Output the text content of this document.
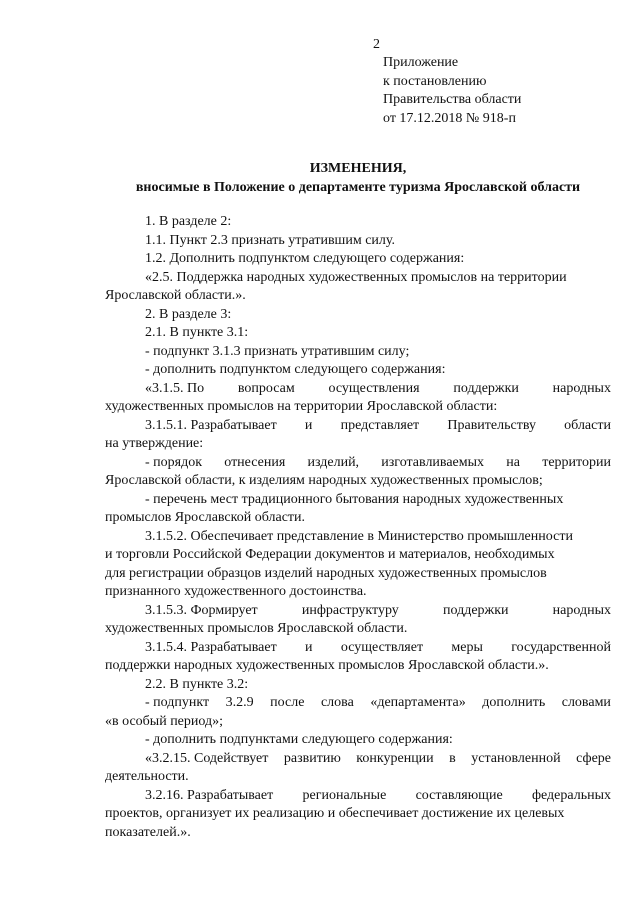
2
Приложение
к постановлению
Правительства области
от 17.12.2018 № 918-п
ИЗМЕНЕНИЯ,
вносимые в Положение о департаменте туризма Ярославской области
1. В разделе 2:
1.1. Пункт 2.3 признать утратившим силу.
1.2. Дополнить подпунктом следующего содержания:
«2.5. Поддержка народных художественных промыслов на территории
Ярославской области.».
2. В разделе 3:
2.1. В пункте 3.1:
- подпункт 3.1.3 признать утратившим силу;
- дополнить подпунктом следующего содержания:
«3.1.5. По вопросам осуществления поддержки народных
художественных промыслов на территории Ярославской области:
3.1.5.1. Разрабатывает и представляет Правительству области
на утверждение:
- порядок отнесения изделий, изготавливаемых на территории
Ярославской области, к изделиям народных художественных промыслов;
- перечень мест традиционного бытования народных художественных
промыслов Ярославской области.
3.1.5.2. Обеспечивает представление в Министерство промышленности
и торговли Российской Федерации документов и материалов, необходимых
для регистрации образцов изделий народных художественных промыслов
признанного художественного достоинства.
3.1.5.3. Формирует	инфраструктуру	поддержки	народных
художественных промыслов Ярославской области.
3.1.5.4. Разрабатывает и осуществляет меры государственной
поддержки народных художественных промыслов Ярославской области.».
2.2. В пункте 3.2:
- подпункт 3.2.9 после слова «департамента» дополнить словами
«в особый период»;
- дополнить подпунктами следующего содержания:
«3.2.15. Содействует развитию конкуренции в установленной сфере
деятельности.
3.2.16. Разрабатывает региональные составляющие федеральных
проектов, организует их реализацию и обеспечивает достижение их целевых
показателей.».
